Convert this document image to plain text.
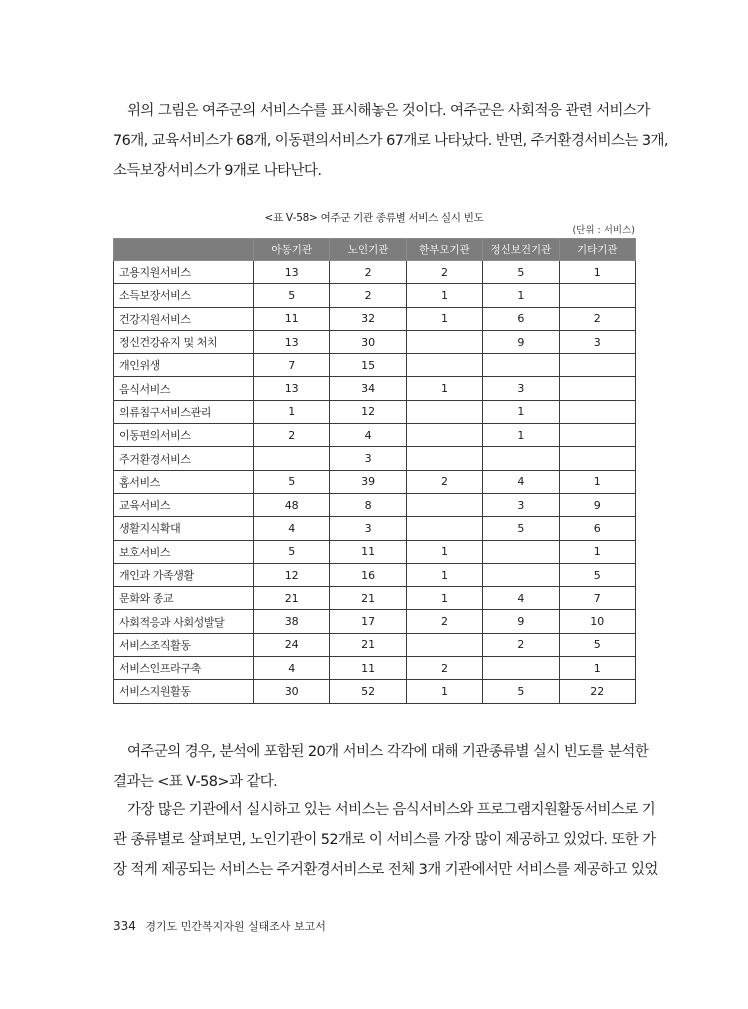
위의 그림은 여주군의 서비스수를 표시해놓은 것이다. 여주군은 사회적응 관련 서비스가
76개, 교육서비스가 68개, 이동편의서비스가 67개로 나타났다. 반면, 주거환경서비스는 3개,
소득보장서비스가 9개로 나타난다.
<표 Ⅴ-58> 여주군 기관 종류별 서비스 실시 빈도
(단위 : 서비스)
	아동기관	노인기관	한부모기관	정신보건기관	기타기관
고용지원서비스	13	2	2	5	1
소득보장서비스	5	2	1	1	
건강지원서비스	11	32	1	6	2
정신건강유지 및 처치	13	30		9	3
개인위생	7	15			
음식서비스	13	34	1	3	
의류침구서비스관리	1	12		1	
이동편의서비스	2	4		1	
주거환경서비스		3			
홈서비스	5	39	2	4	1
교육서비스	48	8		3	9
생활지식확대	4	3		5	6
보호서비스	5	11	1		1
개인과 가족생활	12	16	1		5
문화와 종교	21	21	1	4	7
사회적응과 사회성발달	38	17	2	9	10
서비스조직활동	24	21		2	5
서비스인프라구축	4	11	2		1
서비스지원활동	30	52	1	5	22
여주군의 경우, 분석에 포함된 20개 서비스 각각에 대해 기관종류별 실시 빈도를 분석한
결과는 <표 Ⅴ-58>과 같다.
가장 많은 기관에서 실시하고 있는 서비스는 음식서비스와 프로그램지원활동서비스로 기
관 종류별로 살펴보면, 노인기관이 52개로 이 서비스를 가장 많이 제공하고 있었다. 또한 가
장 적게 제공되는 서비스는 주거환경서비스로 전체 3개 기관에서만 서비스를 제공하고 있었
334 경기도 민간복지자원 실태조사 보고서
